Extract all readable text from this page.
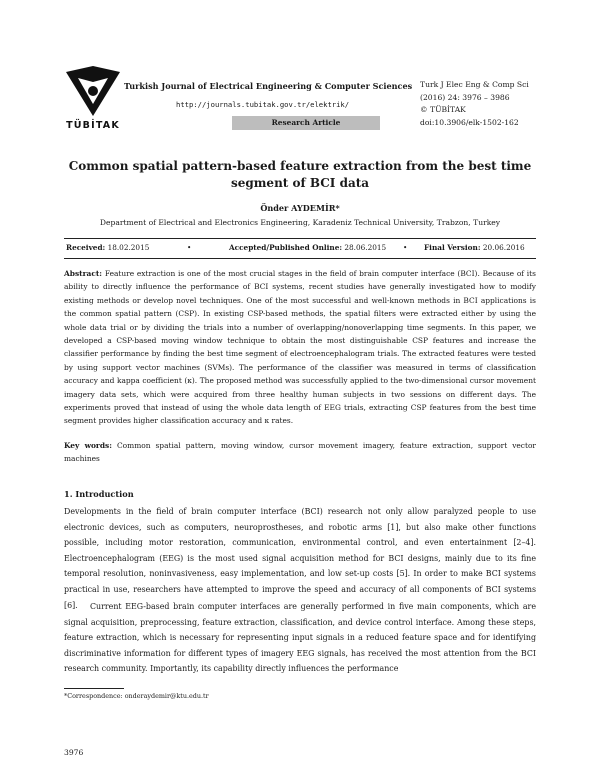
TÜBİTAK
Turkish Journal of Electrical Engineering & Computer Sciences
http://journals.tubitak.gov.tr/elektrik/
Research Article
Turk J Elec Eng & Comp Sci
(2016) 24: 3976 – 3986
© TÜBİTAK
doi:10.3906/elk-1502-162
Common spatial pattern-based feature extraction from the best time segment of BCI data
Önder AYDEMİR*
Department of Electrical and Electronics Engineering, Karadeniz Technical University, Trabzon, Turkey
Received: 18.02.2015	•	Accepted/Published Online: 28.06.2015 • Final Version: 20.06.2016
Abstract: Feature extraction is one of the most crucial stages in the field of brain computer interface (BCI). Because of its ability to directly influence the performance of BCI systems, recent studies have generally investigated how to modify existing methods or develop novel techniques. One of the most successful and well-known methods in BCI applications is the common spatial pattern (CSP). In existing CSP-based methods, the spatial filters were extracted either by using the whole data trial or by dividing the trials into a number of overlapping/nonoverlapping time segments. In this paper, we developed a CSP-based moving window technique to obtain the most distinguishable CSP features and increase the classifier performance by finding the best time segment of electroencephalogram trials. The extracted features were tested by using support vector machines (SVMs). The performance of the classifier was measured in terms of classification accuracy and kappa coefficient (κ). The proposed method was successfully applied to the two-dimensional cursor movement imagery data sets, which were acquired from three healthy human subjects in two sessions on different days. The experiments proved that instead of using the whole data length of EEG trials, extracting CSP features from the best time segment provides higher classification accuracy and κ rates.
Key words: Common spatial pattern, moving window, cursor movement imagery, feature extraction, support vector machines
1. Introduction
Developments in the field of brain computer interface (BCI) research not only allow paralyzed people to use electronic devices, such as computers, neuroprostheses, and robotic arms [1], but also make other functions possible, including motor restoration, communication, environmental control, and even entertainment [2–4]. Electroencephalogram (EEG) is the most used signal acquisition method for BCI designs, mainly due to its fine temporal resolution, noninvasiveness, easy implementation, and low set-up costs [5]. In order to make BCI systems practical in use, researchers have attempted to improve the speed and accuracy of all components of BCI systems [6].	Current EEG-based brain computer interfaces are generally performed in five main components, which are signal acquisition, preprocessing, feature extraction, classification, and device control interface. Among these steps, feature extraction, which is necessary for representing input signals in a reduced feature space and for identifying discriminative information for different types of imagery EEG signals, has received the most attention from the BCI research community. Importantly, its capability directly influences the performance
*Correspondence: onderaydemir@ktu.edu.tr
3976
